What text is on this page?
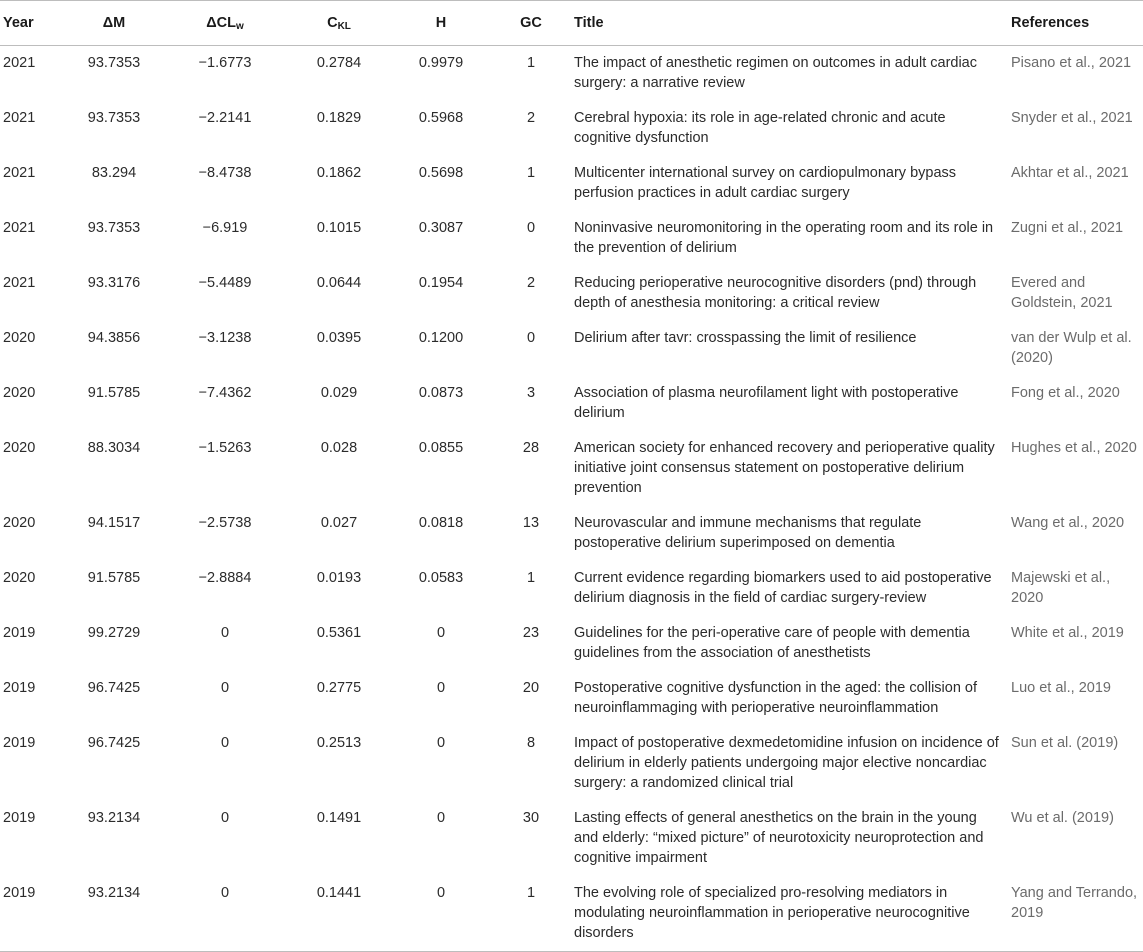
Year	ΔM	$\Delta CL_w$	$C_{KL}$	H	GC	Title	References
2021	93.7353	−1.6773	0.2784	0.9979	1	The impact of anesthetic regimen on outcomes in adult cardiac surgery: a narrative review	Pisano et al., 2021
2021	93.7353	−2.2141	0.1829	0.5968	2	Cerebral hypoxia: its role in age-related chronic and acute cognitive dysfunction	Snyder et al., 2021
2021	83.294	−8.4738	0.1862	0.5698	1	Multicenter international survey on cardiopulmonary bypass perfusion practices in adult cardiac surgery	Akhtar et al., 2021
2021	93.7353	−6.919	0.1015	0.3087	0	Noninvasive neuromonitoring in the operating room and its role in the prevention of delirium	Zugni et al., 2021
2021	93.3176	−5.4489	0.0644	0.1954	2	Reducing perioperative neurocognitive disorders (pnd) through depth of anesthesia monitoring: a critical review	Evered and Goldstein, 2021
2020	94.3856	−3.1238	0.0395	0.1200	0	Delirium after tavr: crosspassing the limit of resilience	van der Wulp et al. (2020)
2020	91.5785	−7.4362	0.029	0.0873	3	Association of plasma neurofilament light with postoperative delirium	Fong et al., 2020
2020	88.3034	−1.5263	0.028	0.0855	28	American society for enhanced recovery and perioperative quality initiative joint consensus statement on postoperative delirium prevention	Hughes et al., 2020
2020	94.1517	−2.5738	0.027	0.0818	13	Neurovascular and immune mechanisms that regulate postoperative delirium superimposed on dementia	Wang et al., 2020
2020	91.5785	−2.8884	0.0193	0.0583	1	Current evidence regarding biomarkers used to aid postoperative delirium diagnosis in the field of cardiac surgery-review	Majewski et al., 2020
2019	99.2729	0	0.5361	0	23	Guidelines for the peri-operative care of people with dementia guidelines from the association of anesthetists	White et al., 2019
2019	96.7425	0	0.2775	0	20	Postoperative cognitive dysfunction in the aged: the collision of neuroinflammaging with perioperative neuroinflammation	Luo et al., 2019
2019	96.7425	0	0.2513	0	8	Impact of postoperative dexmedetomidine infusion on incidence of delirium in elderly patients undergoing major elective noncardiac surgery: a randomized clinical trial	Sun et al. (2019)
2019	93.2134	0	0.1491	0	30	Lasting effects of general anesthetics on the brain in the young and elderly: “mixed picture” of neurotoxicity neuroprotection and cognitive impairment	Wu et al. (2019)
2019	93.2134	0	0.1441	0	1	The evolving role of specialized pro-resolving mediators in modulating neuroinflammation in perioperative neurocognitive disorders	Yang and Terrando, 2019
